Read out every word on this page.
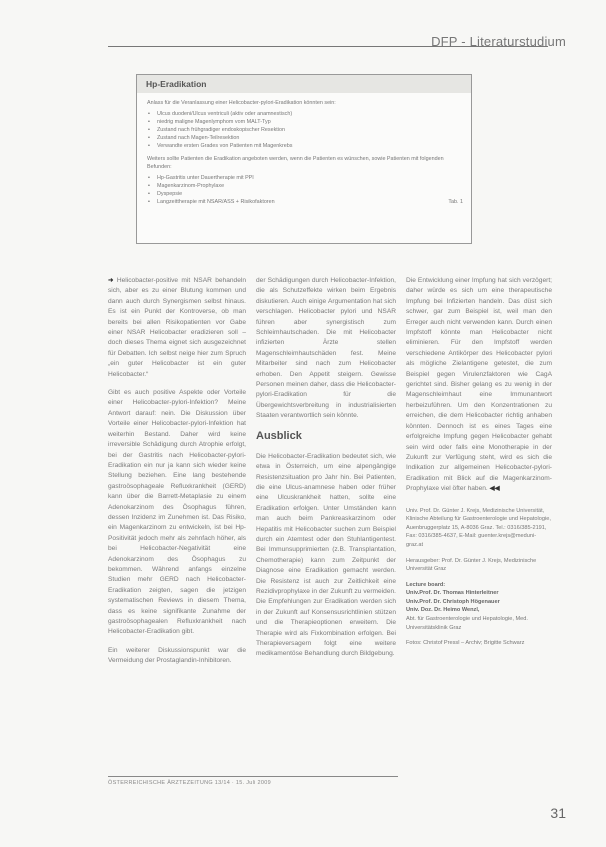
DFP - Literaturstudium
Hp-Eradikation

Anlass für die Veranlassung einer Helicobacter-pylori-Eradikation könnten sein:

• Ulcus duodeni/Ulcus ventriculi (aktiv oder anamnestisch)
• niedrig maligne Magenlymphom vom MALT-Typ
• Zustand nach frühgradiger endoskopischer Resektion
• Zustand nach Magen-Teilresektion
• Verwandte ersten Grades von Patienten mit Magenkrebs

Weiters sollte Patienten die Eradikation angeboten werden, wenn die Patienten es wünschen, sowie Patienten mit folgenden Befunden:

• Hp-Gastritis unter Dauertherapie mit PPI
• Magenkarzinom-Prophylaxe
• Dyspepsie
• Langzeittherapie mit NSAR/ASS + Risikofaktoren	Tab. 1

➜ Helicobacter-positive mit NSAR behandeln sich, aber es zu einer Blutung kommen und dann auch durch Synergismen selbst hinaus. Es ist ein Punkt der Kontroverse, ob man bereits bei allen Risikopatienten vor Gabe einer NSAR Helicobacter eradizieren soll – doch dieses Thema eignet sich ausgezeichnet für Debatten. Ich selbst neige hier zum Spruch „ein guter Helicobacter ist ein guter Helicobacter.“

Gibt es auch positive Aspekte oder Vorteile einer Helicobacter-pylori-Infektion? Meine Antwort darauf: nein. Die Diskussion über Vorteile einer Helicobacter-pylori-Infektion hat weiterhin Bestand. Daher wird keine irreversible Schädigung durch Atrophie erfolgt, bei der Gastritis nach Helicobacter-pylori-Eradikation ein nur ja kann sich wieder keine Stellung beziehen. Eine lang bestehende gastroösophageale Refluxkrankheit (GERD) kann über die Barrett-Metaplasie zu einem Adenokarzinom des Ösophagus führen, dessen Inzidenz im Zunehmen ist. Das Risiko, ein Magenkarzinom zu entwickeln, ist bei Hp-Positivität jedoch mehr als zehnfach höher, als bei Helicobacter-Negativität eine Adenokarzinom des Ösophagus zu bekommen. Während anfangs einzelne Studien mehr GERD nach Helicobacter-Eradikation zeigten, sagen die jetzigen systematischen Reviews in diesem Thema, dass es keine signifikante Zunahme der gastroösophagealen Refluxkrankheit nach Helicobacter-Eradikation gibt.

Ein weiterer Diskussionspunkt war die Vermeidung der Prostaglandin-Inhibitoren.

der Schädigungen durch Helicobacter-Infektion, die als Schutzeffekte wirken beim Ergebnis diskutieren. Auch einige Argumentation hat sich verschlagen. Helicobacter pylori und NSAR führen aber synergistisch zum Schleimhautschaden. Die mit Helicobacter infizierten Ärzte stellen Magenschleimhautschäden fest. Meine Mitarbeiter sind nach zum Helicobacter erhoben. Den Appetit steigern. Gewisse Personen meinen daher, dass die Helicobacter-pylori-Eradikation für die Übergewichtsverbreitung in industrialisierten Staaten verantwortlich sein könnte.

Ausblick

Die Helicobacter-Eradikation bedeutet sich, wie etwa in Österreich, um eine alpengängige Resistenzsituation pro Jahr hin. Bei Patienten, die eine Ulcus-anamnese haben oder früher eine Ulcuskrankheit hatten, sollte eine Eradikation erfolgen. Unter Umständen kann man auch beim Pankreaskarzinom oder Hepatitis mit Helicobacter suchen zum Beispiel durch ein Atemtest oder den Stuhlantigentest. Bei Immunsupprimierten (z.B. Transplantation, Chemotherapie) kann zum Zeitpunkt der Diagnose eine Eradikation gemacht werden. Die Resistenz ist auch zur Zeitlichkeit eine Rezidivprophylaxe in der Zukunft zu vermeiden. Die Empfehlungen zur Eradikation werden sich in der Zukunft auf Konsensusrichtlinien stützen und die Therapieoptionen erweitern. Die Therapie wird als Fixkombination erfolgen. Bei Therapieversagern folgt eine weitere medikamentöse Behandlung durch Bildgebung.

Die Entwicklung einer Impfung hat sich verzögert; daher würde es sich um eine therapeutische Impfung bei Infizierten handeln. Das düst sich schwer, gar zum Beispiel ist, weil man den Erreger auch nicht verwenden kann. Durch einen Impfstoff könnte man Helicobacter nicht eliminieren. Für den Impfstoff werden verschiedene Antikörper des Helicobacter pylori als mögliche Zielantigene getestet, die zum Beispiel gegen Virulenzfaktoren wie CagA gerichtet sind. Bisher gelang es zu wenig in der Magenschleimhaut eine Immunantwort herbeizuführen. Um den Konzentrationen zu erreichen, die dem Helicobacter richtig anhaben könnten. Dennoch ist es eines Tages eine erfolgreiche Impfung gegen Helicobacter gehabt sein wird oder falls eine Monotherapie in der Zukunft zur Verfügung steht, wird es sich die Indikation zur allgemeinen Helicobacter-pylori-Eradikation mit Blick auf die Magenkarzinom-Prophylaxe viel öfter haben. ◀◀

Univ. Prof. Dr. Günter J. Krejs, Medizinische Universität, Klinische Abteilung für Gastroenterologie und Hepatologie, Auenbruggerplatz 15, A-8036 Graz. Tel.: 0316/385-2191, Fax: 0316/385-4637, E-Mail: guenter.krejs@meduni-graz.at

Herausgeber: Prof. Dr. Günter J. Krejs, Medizinische Universität Graz

Lecture board:
Univ.Prof. Dr. Thomas Hinterleitner
Univ.Prof. Dr. Christoph Högenauer
Univ. Doz. Dr. Heimo Wenzl,
Abt. für Gastroenterologie und Hepatologie, Med. Universitätsklinik Graz

Fotos: Christof Pressl – Archiv; Brigitte Schwarz

ÖSTERREICHISCHE ÄRZTEZEITUNG 13/14 · 15. Juli 2009
31
